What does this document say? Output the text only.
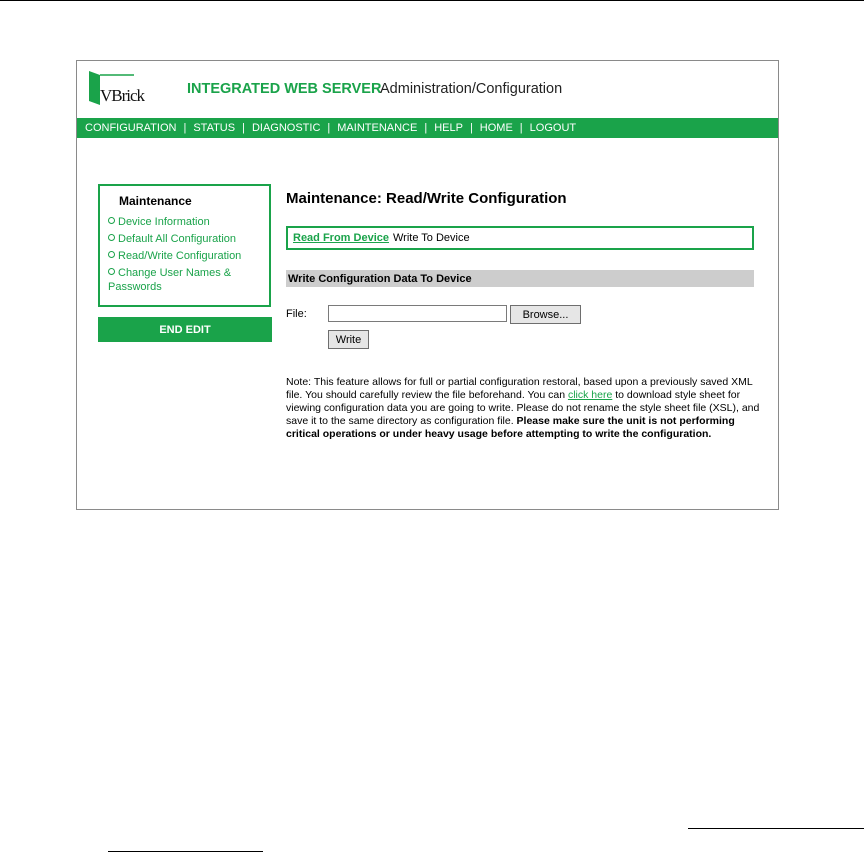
VBrick	INTEGRATED WEB SERVER
Administration/Configuration
CONFIGURATION | STATUS | DIAGNOSTIC | MAINTENANCE | HELP | HOME | LOGOUT
Maintenance
Device Information
Default All Configuration
Read/Write Configuration
Change User Names & Passwords
END EDIT
Maintenance: Read/Write Configuration
Read From Device Write To Device
Write Configuration Data To Device
File:	Browse...
Write

Note: This feature allows for full or partial configuration restoral, based upon a previously saved XML file. You should carefully review the file beforehand. You can click here to download style sheet for viewing configuration data you are going to write. Please do not rename the style sheet file (XSL), and save it to the same directory as configuration file. Please make sure the unit is not performing critical operations or under heavy usage before attempting to write the configuration.
